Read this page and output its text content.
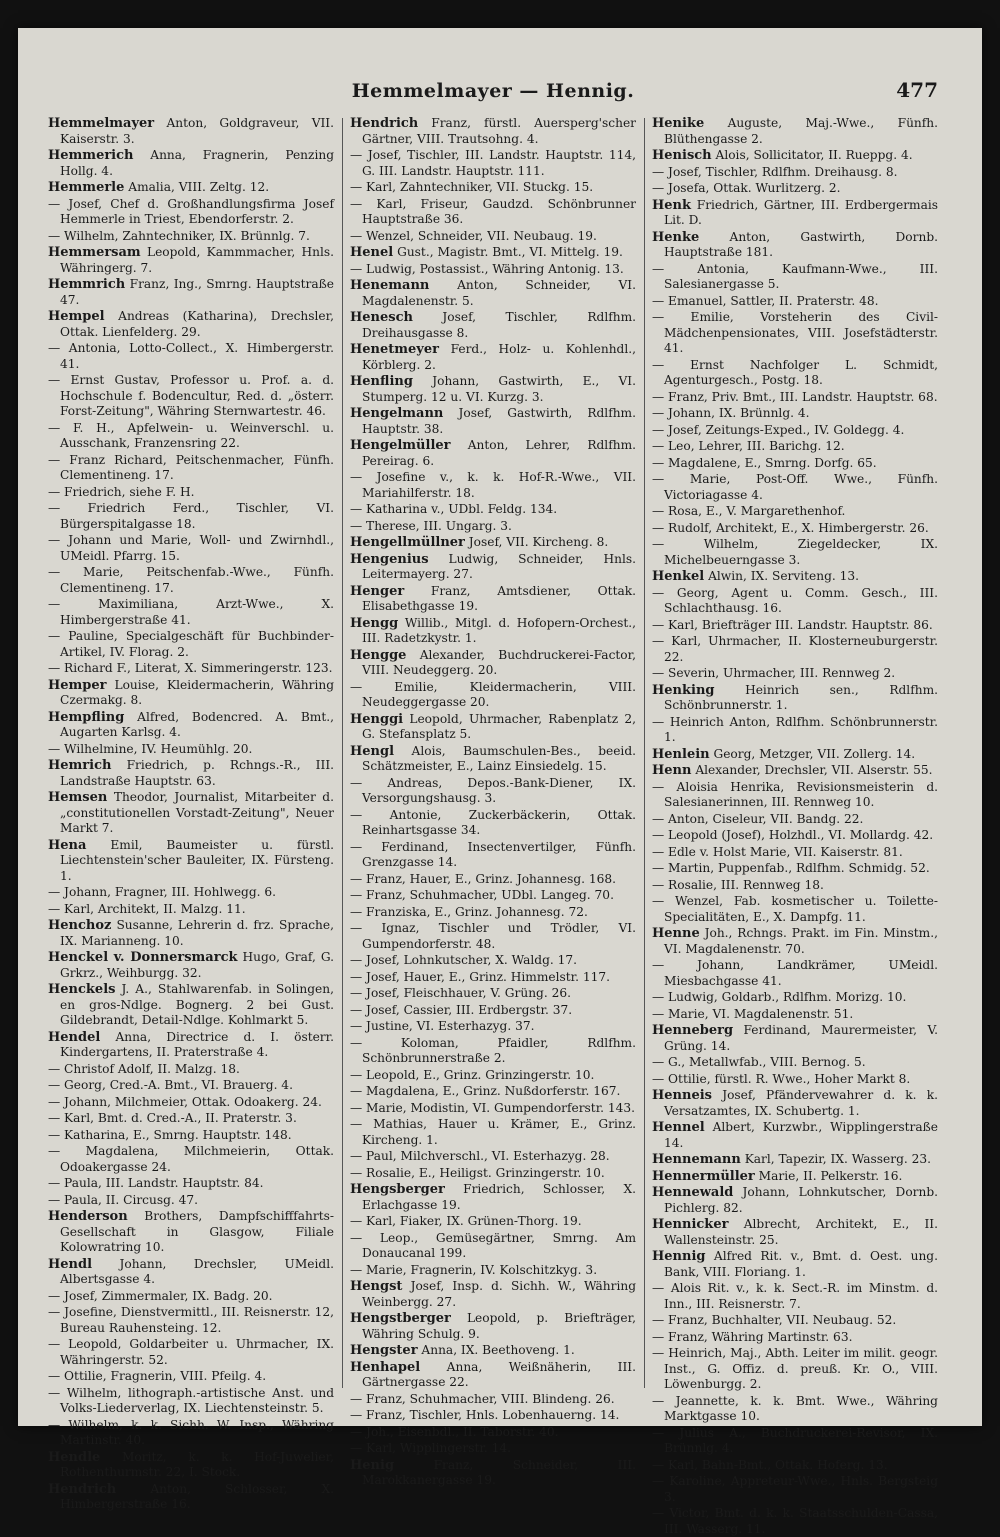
Hemmelmayer — Hennig.	477
Hemmelmayer Anton, Goldgraveur, VII. Kaiserstr. 3.
Hemmerich Anna, Fragnerin, Penzing Hollg. 4.
Hemmerle Amalia, VIII. Zeltg. 12.
— Josef, Chef d. Großhandlungsfirma Josef Hemmerle in Triest, Ebendorferstr. 2.
— Wilhelm, Zahntechniker, IX. Brünnlg. 7.
Hemmersam Leopold, Kammmacher, Hnls. Währingerg. 7.
Hemmrich Franz, Ing., Smrng. Hauptstraße 47.
Hempel Andreas (Katharina), Drechsler, Ottak. Lienfelderg. 29.
— Antonia, Lotto-Collect., X. Himbergerstr. 41.
— Ernst Gustav, Professor u. Prof. a. d. Hochschule f. Bodencultur, Red. d. „österr. Forst-Zeitung", Währing Sternwartestr. 46.
— F. H., Apfelwein- u. Weinverschl. u. Ausschank, Franzensring 22.
— Franz Richard, Peitschenmacher, Fünfh. Clementineng. 17.
— Friedrich, siehe F. H.
— Friedrich Ferd., Tischler, VI. Bürgerspitalgasse 18.
— Johann und Marie, Woll- und Zwirnhdl., UMeidl. Pfarrg. 15.
— Marie, Peitschenfab.-Wwe., Fünfh. Clementineng. 17.
— Maximiliana, Arzt-Wwe., X. Himbergerstraße 41.
— Pauline, Specialgeschäft für Buchbinder-Artikel, IV. Florag. 2.
— Richard F., Literat, X. Simmeringerstr. 123.
Hemper Louise, Kleidermacherin, Währing Czermakg. 8.
Hempfling Alfred, Bodencred. A. Bmt., Augarten Karlsg. 4.
— Wilhelmine, IV. Heumühlg. 20.
Hemrich Friedrich, p. Rchngs.-R., III. Landstraße Hauptstr. 63.
Hemsen Theodor, Journalist, Mitarbeiter d. „constitutionellen Vorstadt-Zeitung", Neuer Markt 7.
Hena Emil, Baumeister u. fürstl. Liechtenstein'scher Bauleiter, IX. Fürsteng. 1.
— Johann, Fragner, III. Hohlwegg. 6.
— Karl, Architekt, II. Malzg. 11.
Henchoz Susanne, Lehrerin d. frz. Sprache, IX. Marianneng. 10.
Henckel v. Donnersmarck Hugo, Graf, G. Grkrz., Weihburgg. 32.
Henckels J. A., Stahlwarenfab. in Solingen, en gros-Ndlge. Bognerg. 2 bei Gust. Gildebrandt, Detail-Ndlge. Kohlmarkt 5.
Hendel Anna, Directrice d. I. österr. Kindergartens, II. Praterstraße 4.
— Christof Adolf, II. Malzg. 18.
— Georg, Cred.-A. Bmt., VI. Brauerg. 4.
— Johann, Milchmeier, Ottak. Odoakerg. 24.
— Karl, Bmt. d. Cred.-A., II. Praterstr. 3.
— Katharina, E., Smrng. Hauptstr. 148.
— Magdalena, Milchmeierin, Ottak. Odoakergasse 24.
— Paula, III. Landstr. Hauptstr. 84.
— Paula, II. Circusg. 47.
Henderson Brothers, Dampfschifffahrts-Gesellschaft in Glasgow, Filiale Kolowratring 10.
Hendl Johann, Drechsler, UMeidl. Albertsgasse 4.
— Josef, Zimmermaler, IX. Badg. 20.
— Josefine, Dienstvermittl., III. Reisnerstr. 12, Bureau Rauhensteing. 12.
— Leopold, Goldarbeiter u. Uhrmacher, IX. Währingerstr. 52.
— Ottilie, Fragnerin, VIII. Pfeilg. 4.
— Wilhelm, lithograph.-artistische Anst. und Volks-Liederverlag, IX. Liechtensteinstr. 5.
— Wilhelm, k. k. Sichh. W. Insp., Währing Martinstr. 40.
Hendle Moritz, k. k. Hof-Juwelier, Rothenthurmstr. 22, I. Stock.
Hendrich	Anton, Schlosser, X. Himbergerstraße 16.
Hendrich Franz, fürstl. Auersperg'scher Gärtner, VIII. Trautsohng. 4.
— Josef, Tischler, III. Landstr. Hauptstr. 114, G. III. Landstr. Hauptstr. 111.
— Karl, Zahntechniker, VII. Stuckg. 15.
— Karl, Friseur, Gaudzd. Schönbrunner Hauptstraße 36.
— Wenzel, Schneider, VII. Neubaug. 19.
Henel Gust., Magistr. Bmt., VI. Mittelg. 19.
— Ludwig, Postassist., Währing Antonig. 13.
Henemann Anton, Schneider, VI. Magdalenenstr. 5.
Henesch Josef, Tischler, Rdlfhm. Dreihausgasse 8.
Henetmeyer Ferd., Holz- u. Kohlenhdl., Körblerg. 2.
Henfling Johann, Gastwirth, E., VI. Stumperg. 12 u. VI. Kurzg. 3.
Hengelmann Josef, Gastwirth, Rdlfhm. Hauptstr. 38.
Hengelmüller Anton, Lehrer, Rdlfhm. Pereirag. 6.
— Josefine v., k. k. Hof-R.-Wwe., VII. Mariahilferstr. 18.
— Katharina v., UDbl. Feldg. 134.
— Therese, III. Ungarg. 3.
Hengellmüllner Josef, VII. Kircheng. 8.
Hengenius Ludwig, Schneider, Hnls. Leitermayerg. 27.
Henger Franz, Amtsdiener, Ottak. Elisabethgasse 19.
Hengg Willib., Mitgl. d. Hofopern-Orchest., III. Radetzkystr. 1.
Hengge Alexander, Buchdruckerei-Factor, VIII. Neudeggerg. 20.
— Emilie, Kleidermacherin, VIII. Neudeggergasse 20.
Henggi Leopold, Uhrmacher, Rabenplatz 2, G. Stefansplatz 5.
Hengl Alois, Baumschulen-Bes., beeid. Schätzmeister, E., Lainz Einsiedelg. 15.
— Andreas, Depos.-Bank-Diener, IX. Versorgungshausg. 3.
— Antonie, Zuckerbäckerin, Ottak. Reinhartsgasse 34.
— Ferdinand, Insectenvertilger, Fünfh. Grenzgasse 14.
— Franz, Hauer, E., Grinz. Johannesg. 168.
— Franz, Schuhmacher, UDbl. Langeg. 70.
— Franziska, E., Grinz. Johannesg. 72.
— Ignaz, Tischler und Trödler, VI. Gumpendorferstr. 48.
— Josef, Lohnkutscher, X. Waldg. 17.
— Josef, Hauer, E., Grinz. Himmelstr. 117.
— Josef, Fleischhauer, V. Grüng. 26.
— Josef, Cassier, III. Erdbergstr. 37.
— Justine, VI. Esterhazyg. 37.
— Koloman, Pfaidler, Rdlfhm. Schönbrunnerstraße 2.
— Leopold, E., Grinz. Grinzingerstr. 10.
— Magdalena, E., Grinz. Nußdorferstr. 167.
— Marie, Modistin, VI. Gumpendorferstr. 143.
— Mathias, Hauer u. Krämer, E., Grinz. Kircheng. 1.
— Paul, Milchverschl., VI. Esterhazyg. 28.
— Rosalie, E., Heiligst. Grinzingerstr. 10.
Hengsberger Friedrich, Schlosser, X. Erlachgasse 19.
— Karl, Fiaker, IX. Grünen-Thorg. 19.
— Leop., Gemüsegärtner, Smrng. Am Donaucanal 199.
— Marie, Fragnerin, IV. Kolschitzkyg. 3.
Hengst Josef, Insp. d. Sichh. W., Währing Weinbergg. 27.
Hengstberger Leopold, p. Briefträger, Währing Schulg. 9.
Hengster Anna, IX. Beethoveng. 1.
Henhapel Anna, Weißnäherin, III. Gärtnergasse 22.
— Franz, Schuhmacher, VIII. Blindeng. 26.
— Franz, Tischler, Hnls. Lobenhauerng. 14.
— Joh., Eisenbdl., II. Taborstr. 40.
— Karl, Wipplingerstr. 14.
Henig	Franz, Schneider, III. Marokkanergasse 19.
Henike Auguste, Maj.-Wwe., Fünfh. Blüthengasse 2.
Henisch Alois, Sollicitator, II. Rueppg. 4.
— Josef, Tischler, Rdlfhm. Dreihausg. 8.
— Josefa, Ottak. Wurlitzerg. 2.
Henk Friedrich, Gärtner, III. Erdbergermais Lit. D.
Henke Anton, Gastwirth, Dornb. Hauptstraße 181.
— Antonia, Kaufmann-Wwe., III. Salesianergasse 5.
— Emanuel, Sattler, II. Praterstr. 48.
— Emilie, Vorsteherin des Civil-Mädchenpensionates, VIII. Josefstädterstr. 41.
— Ernst Nachfolger L. Schmidt, Agenturgesch., Postg. 18.
— Franz, Priv. Bmt., III. Landstr. Hauptstr. 68.
— Johann, IX. Brünnlg. 4.
— Josef, Zeitungs-Exped., IV. Goldegg. 4.
— Leo, Lehrer, III. Barichg. 12.
— Magdalene, E., Smrng. Dorfg. 65.
— Marie, Post-Off. Wwe., Fünfh. Victoriagasse 4.
— Rosa, E., V. Margarethenhof.
— Rudolf, Architekt, E., X. Himbergerstr. 26.
— Wilhelm, Ziegeldecker, IX. Michelbeuerngasse 3.
Henkel Alwin, IX. Serviteng. 13.
— Georg, Agent u. Comm. Gesch., III. Schlachthausg. 16.
— Karl, Briefträger III. Landstr. Hauptstr. 86.
— Karl, Uhrmacher, II. Klosterneuburgerstr. 22.
— Severin, Uhrmacher, III. Rennweg 2.
Henking	Heinrich sen., Rdlfhm. Schönbrunnerstr. 1.
— Heinrich Anton, Rdlfhm. Schönbrunnerstr. 1.
Henlein Georg, Metzger, VII. Zollerg. 14.
Henn Alexander, Drechsler, VII. Alserstr. 55.
— Aloisia Henrika, Revisionsmeisterin d. Salesianerinnen, III. Rennweg 10.
— Anton, Ciseleur, VII. Bandg. 22.
— Leopold (Josef), Holzhdl., VI. Mollardg. 42.
— Edle v. Holst Marie, VII. Kaiserstr. 81.
— Martin, Puppenfab., Rdlfhm. Schmidg. 52.
— Rosalie, III. Rennweg 18.
— Wenzel, Fab. kosmetischer u. Toilette-Specialitäten, E., X. Dampfg. 11.
Henne Joh., Rchngs. Prakt. im Fin. Minstm., VI. Magdalenenstr. 70.
— Johann, Landkrämer, UMeidl. Miesbachgasse 41.
— Ludwig, Goldarb., Rdlfhm. Morizg. 10.
— Marie, VI. Magdalenenstr. 51.
Henneberg Ferdinand, Maurermeister, V. Grüng. 14.
— G., Metallwfab., VIII. Bernog. 5.
— Ottilie, fürstl. R. Wwe., Hoher Markt 8.
Henneis Josef, Pfändervewahrer d. k. k. Versatzamtes, IX. Schubertg. 1.
Hennel Albert, Kurzwbr., Wipplingerstraße 14.
Hennemann Karl, Tapezir, IX. Wasserg. 23.
Hennermüller Marie, II. Pelkerstr. 16.
Hennewald Johann, Lohnkutscher, Dornb. Pichlerg. 82.
Hennicker Albrecht, Architekt, E., II. Wallensteinstr. 25.
Hennig Alfred Rit. v., Bmt. d. Oest. ung. Bank, VIII. Floriang. 1.
— Alois Rit. v., k. k. Sect.-R. im Minstm. d. Inn., III. Reisnerstr. 7.
— Franz, Buchhalter, VII. Neubaug. 52.
— Franz, Währing Martinstr. 63.
— Heinrich, Maj., Abth. Leiter im milit. geogr. Inst., G. Offiz. d. preuß. Kr. O., VIII. Löwenburgg. 2.
— Jeannette, k. k. Bmt. Wwe., Währing Marktgasse 10.
— Julius A., Buchdruckerei-Revisor, IX. Brünnlg. 4.
— Karl, Bahn-Bmt., Ottak. Hoferg. 13.
— Karoline, Appreteur-Wwe., Hnls. Bergsteig 3.
— Victor, Bmt. d. k. k. Staatsschulden-Cassa, III. Wasserg. 11.
